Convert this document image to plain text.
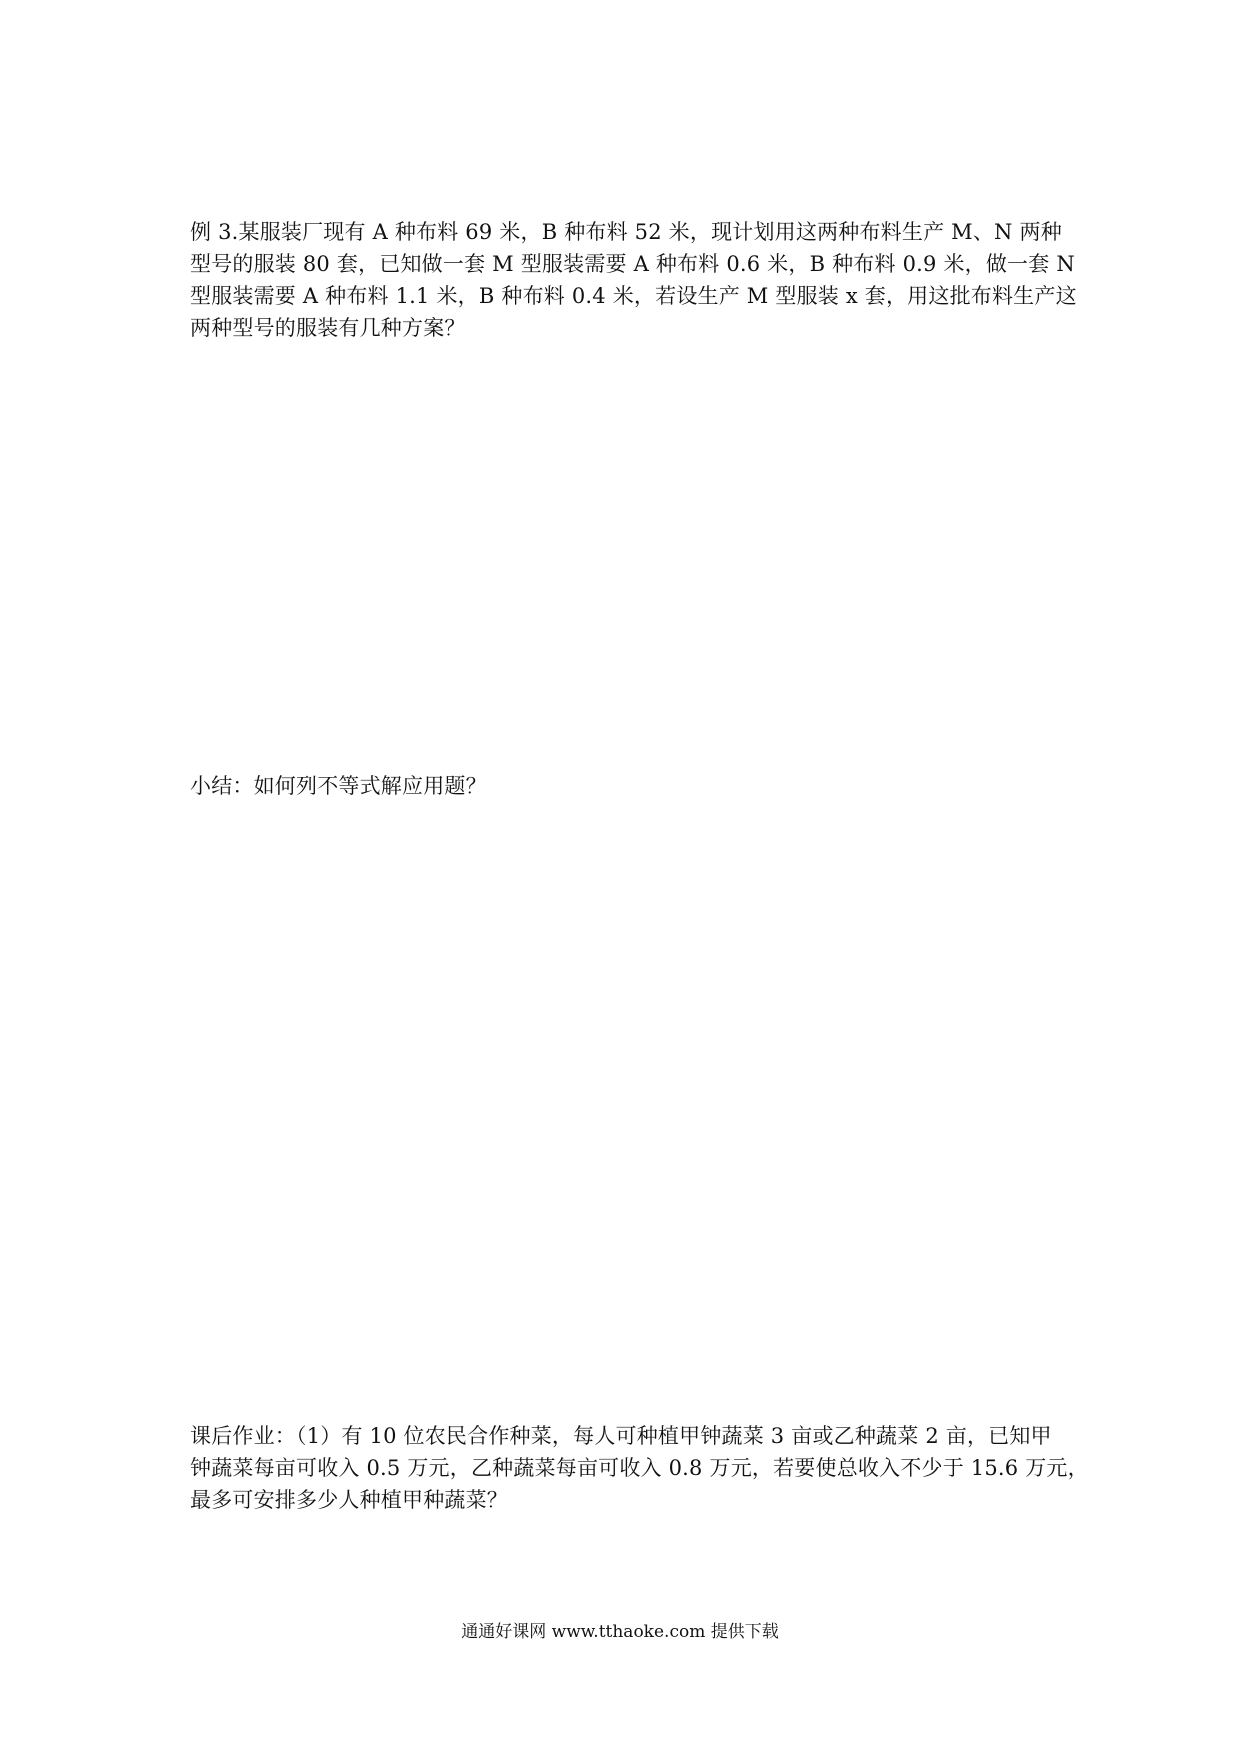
例 3.某服装厂现有 A 种布料 69 米，B 种布料 52 米，现计划用这两种布料生产 M、N 两种
型号的服装 80 套，已知做一套 M 型服装需要 A 种布料 0.6 米，B 种布料 0.9 米，做一套 N
型服装需要 A 种布料 1.1 米，B 种布料 0.4 米，若设生产 M 型服装 x 套，用这批布料生产这
两种型号的服装有几种方案？
小结：如何列不等式解应用题？
课后作业：（1）有 10 位农民合作种菜，每人可种植甲钟蔬菜 3 亩或乙种蔬菜 2 亩，已知甲
钟蔬菜每亩可收入 0.5 万元，乙种蔬菜每亩可收入 0.8 万元，若要使总收入不少于 15.6 万元，
最多可安排多少人种植甲种蔬菜？
通通好课网 www.tthaoke.com 提供下载
